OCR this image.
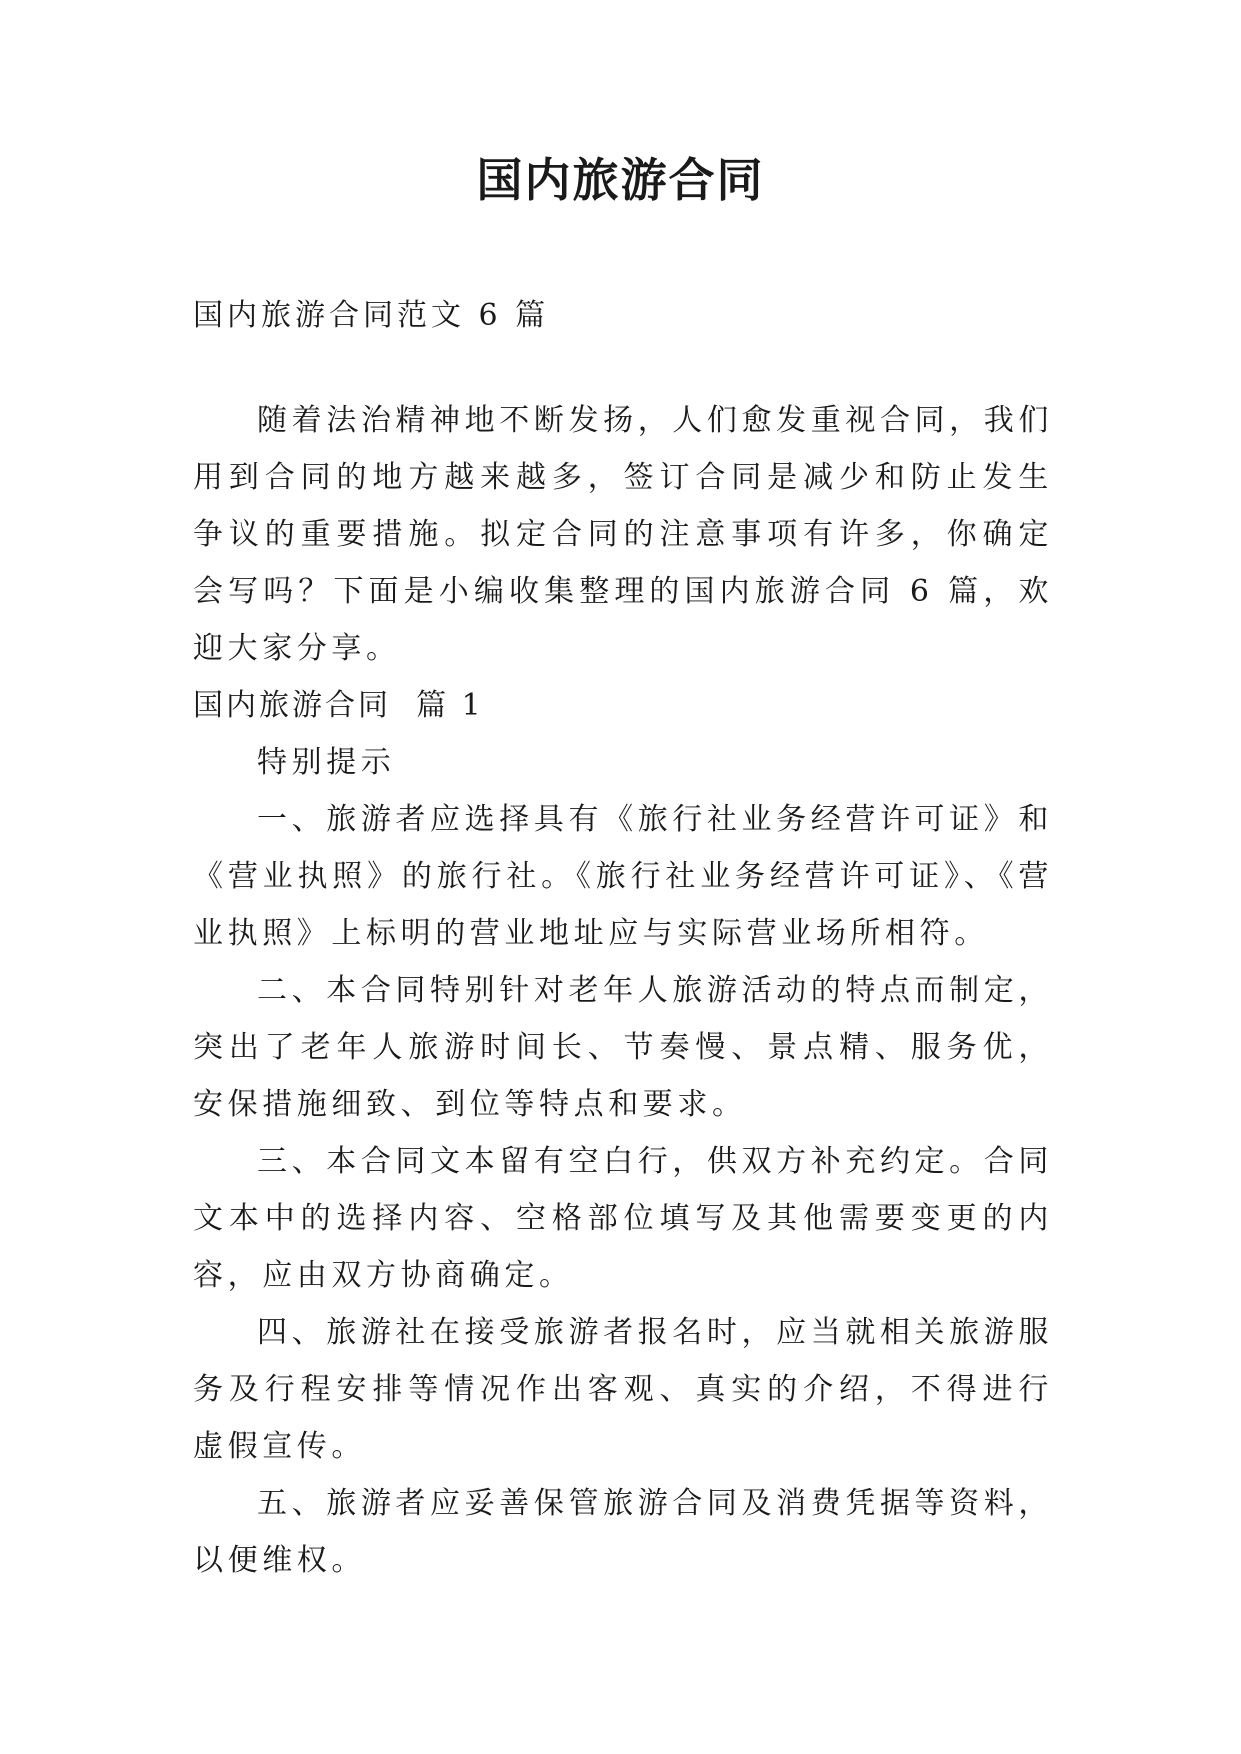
国内旅游合同

国内旅游合同范文 6 篇

随着法治精神地不断发扬，人们愈发重视合同，我们用到合同的地方越来越多，签订合同是减少和防止发生争议的重要措施。拟定合同的注意事项有许多，你确定会写吗？下面是小编收集整理的国内旅游合同 6 篇，欢迎大家分享。

国内旅游合同  篇 1

特别提示

一、旅游者应选择具有《旅行社业务经营许可证》和《营业执照》的旅行社。《旅行社业务经营许可证》、《营业执照》上标明的营业地址应与实际营业场所相符。

二、本合同特别针对老年人旅游活动的特点而制定，突出了老年人旅游时间长、节奏慢、景点精、服务优，安保措施细致、到位等特点和要求。

三、本合同文本留有空白行，供双方补充约定。合同文本中的选择内容、空格部位填写及其他需要变更的内容，应由双方协商确定。

四、旅游社在接受旅游者报名时，应当就相关旅游服务及行程安排等情况作出客观、真实的介绍，不得进行虚假宣传。

五、旅游者应妥善保管旅游合同及消费凭据等资料，以便维权。
